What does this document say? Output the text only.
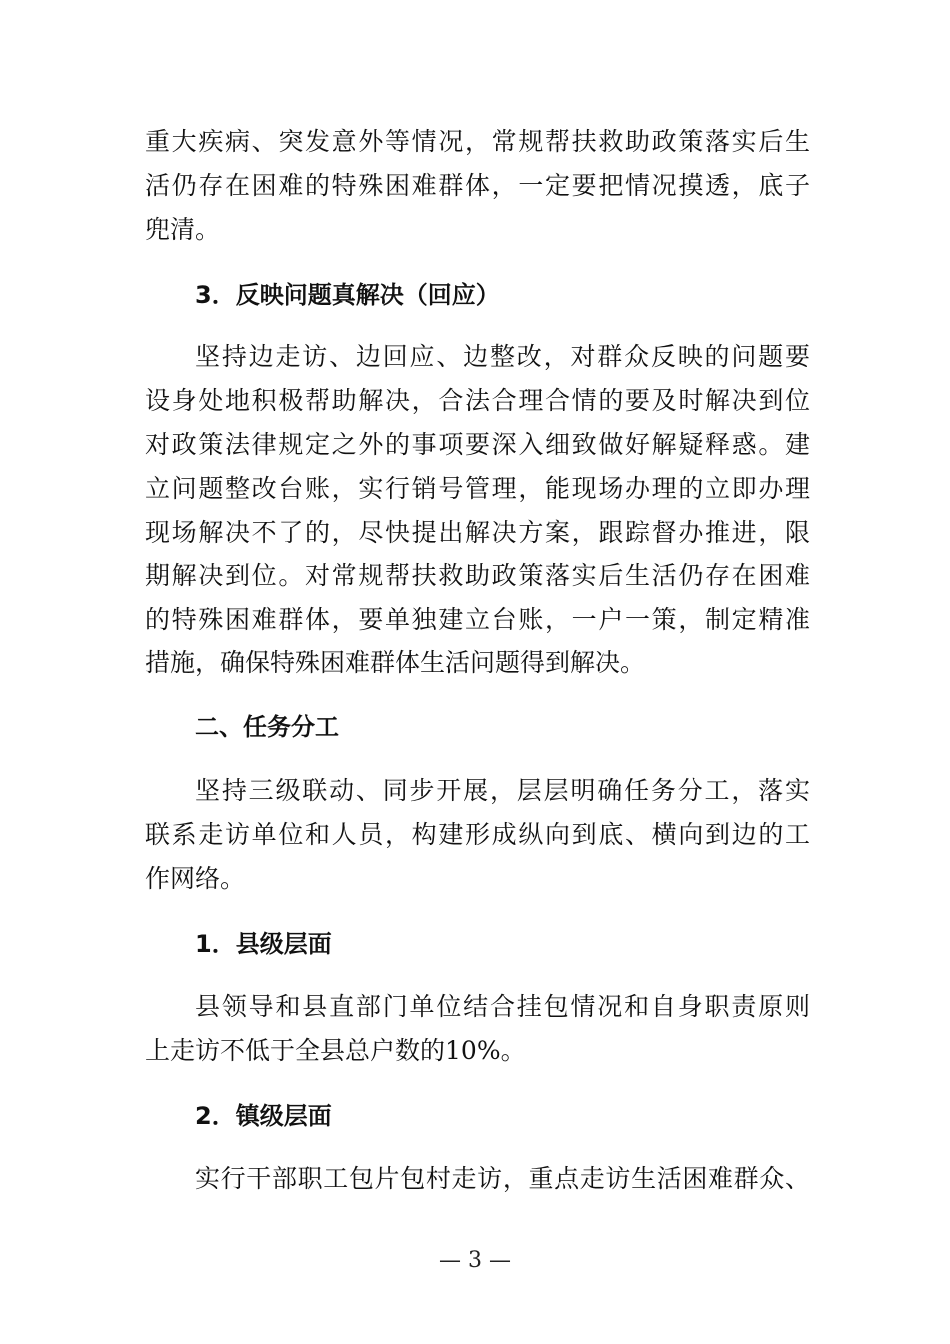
重大疾病、突发意外等情况，常规帮扶救助政策落实后生
活仍存在困难的特殊困难群体，一定要把情况摸透，底子
兜清。
3．反映问题真解决（回应）
坚持边走访、边回应、边整改，对群众反映的问题要
设身处地积极帮助解决，合法合理合情的要及时解决到位
对政策法律规定之外的事项要深入细致做好解疑释惑。建
立问题整改台账，实行销号管理，能现场办理的立即办理
现场解决不了的，尽快提出解决方案，跟踪督办推进，限
期解决到位。对常规帮扶救助政策落实后生活仍存在困难
的特殊困难群体，要单独建立台账，一户一策，制定精准
措施，确保特殊困难群体生活问题得到解决。
二、任务分工
坚持三级联动、同步开展，层层明确任务分工，落实
联系走访单位和人员，构建形成纵向到底、横向到边的工
作网络。
1．县级层面
县领导和县直部门单位结合挂包情况和自身职责原则
上走访不低于全县总户数的10%。
2．镇级层面
实行干部职工包片包村走访，重点走访生活困难群众、
— 3 —
